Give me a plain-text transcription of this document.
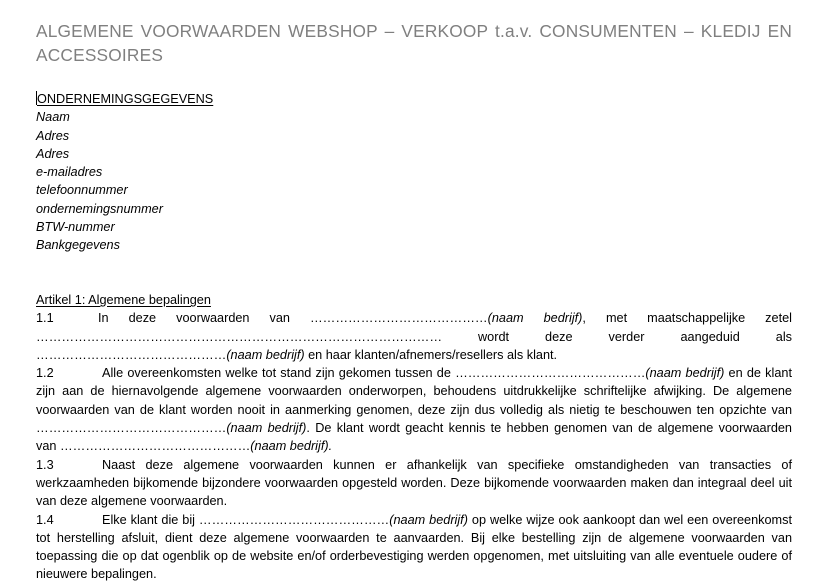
ALGEMENE VOORWAARDEN WEBSHOP – VERKOOP t.a.v. CONSUMENTEN – KLEDIJ EN ACCESSOIRES

ONDERNEMINGSGEGEVENS

Naam
Adres
Adres
e-mailadres
telefoonnummer
ondernemingsnummer
BTW-nummer
Bankgegevens

Artikel 1: Algemene bepalingen

1.1	In deze voorwaarden van ……………………………………(naam bedrijf), met maatschappelijke zetel …………………………………………………………………………………… wordt deze verder aangeduid als ………………………………………(naam bedrijf) en haar klanten/afnemers/resellers als klant.

1.2	Alle overeenkomsten welke tot stand zijn gekomen tussen de ………………………………………(naam bedrijf) en de klant zijn aan de hiernavolgende algemene voorwaarden onderworpen, behoudens uitdrukkelijke schriftelijke afwijking. De algemene voorwaarden van de klant worden nooit in aanmerking genomen, deze zijn dus volledig als nietig te beschouwen ten opzichte van ………………………………………(naam bedrijf). De klant wordt geacht kennis te hebben genomen van de algemene voorwaarden van ………………………………………(naam bedrijf).

1.3	Naast deze algemene voorwaarden kunnen er afhankelijk van specifieke omstandigheden van transacties of werkzaamheden bijkomende bijzondere voorwaarden opgesteld worden. Deze bijkomende voorwaarden maken dan integraal deel uit van deze algemene voorwaarden.

1.4	Elke klant die bij ………………………………………(naam bedrijf) op welke wijze ook aankoopt dan wel een overeenkomst tot herstelling afsluit, dient deze algemene voorwaarden te aanvaarden. Bij elke bestelling zijn de algemene voorwaarden van toepassing die op dat ogenblik op de website en/of orderbevestiging werden opgenomen, met uitsluiting van alle eventuele oudere of nieuwere bepalingen.
